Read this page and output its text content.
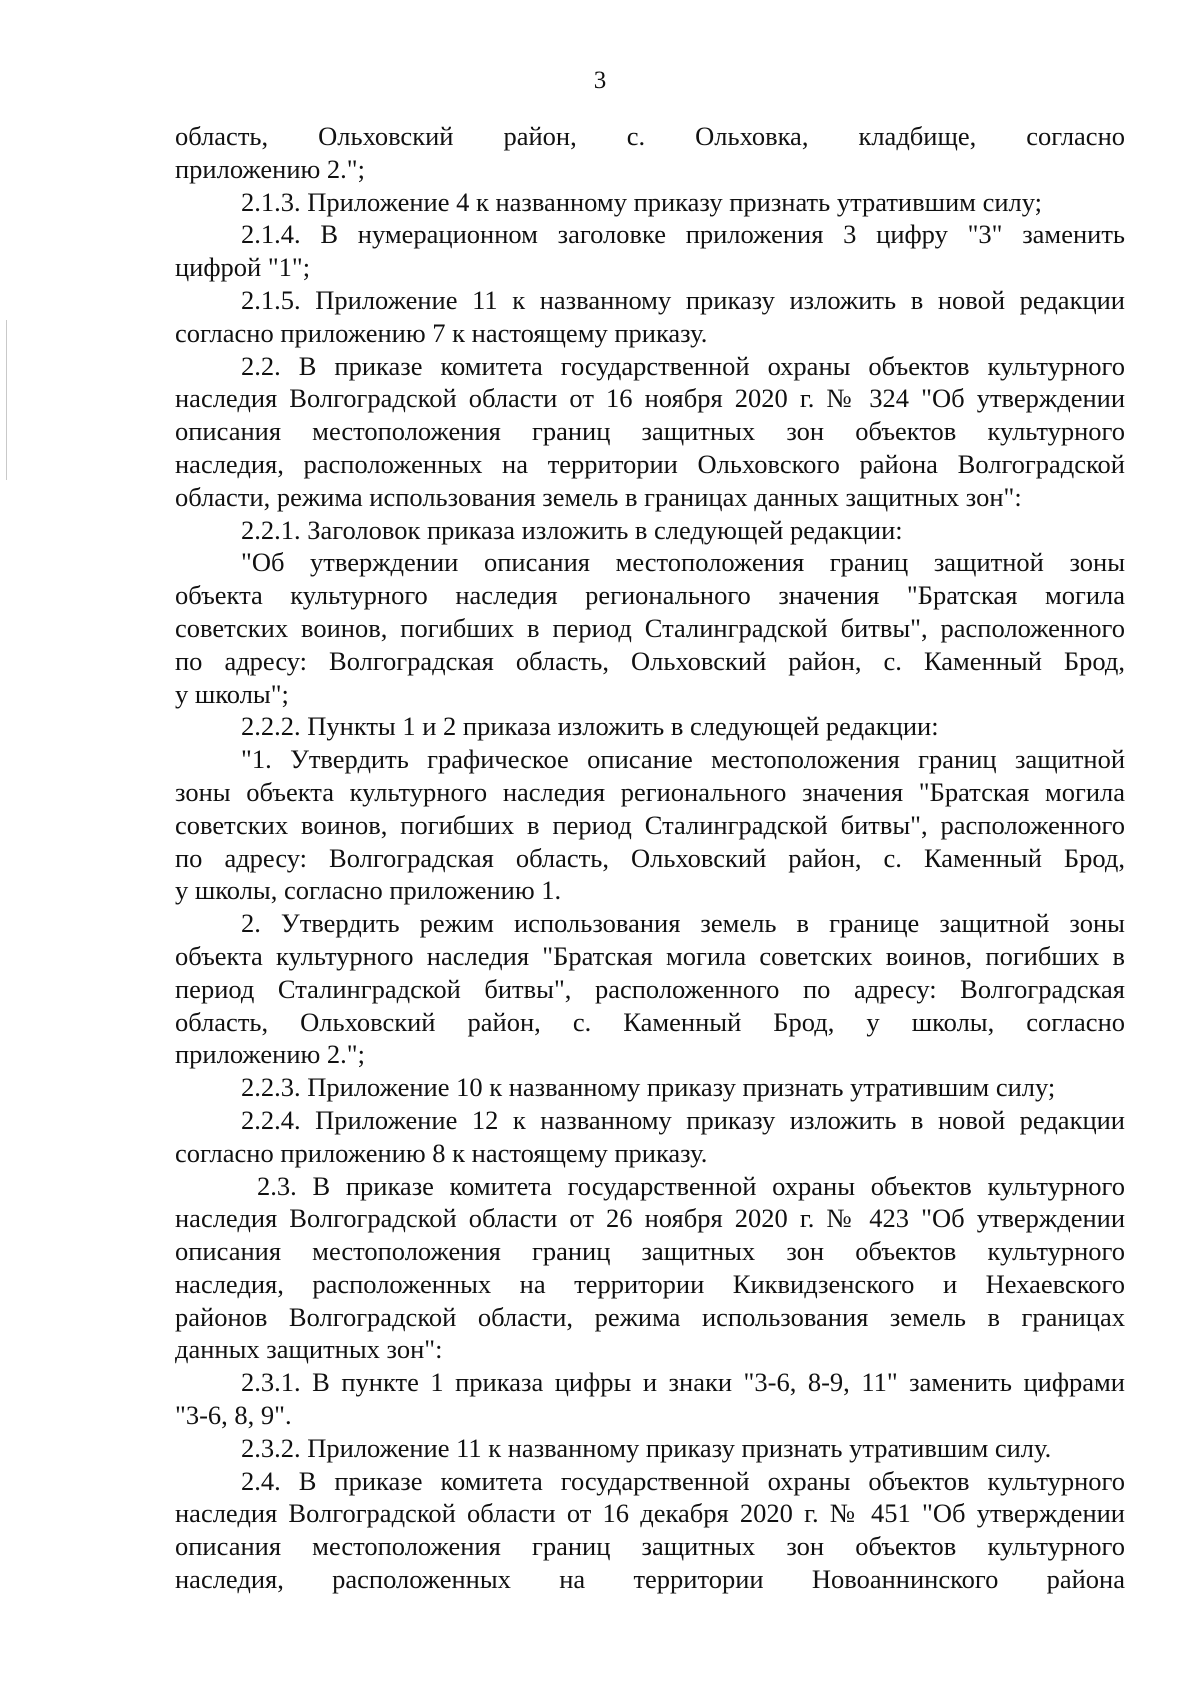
3
область, Ольховский район, с. Ольховка, кладбище, согласно
приложению 2.";
2.1.3. Приложение 4 к названному приказу признать утратившим силу;
2.1.4. В нумерационном заголовке приложения 3 цифру "3" заменить
цифрой "1";
2.1.5. Приложение 11 к названному приказу изложить в новой редакции
согласно приложению 7 к настоящему приказу.
2.2. В приказе комитета государственной охраны объектов культурного
наследия Волгоградской области от 16 ноября 2020 г. № 324 "Об утверждении
описания местоположения границ защитных зон объектов культурного
наследия, расположенных на территории Ольховского района Волгоградской
области, режима использования земель в границах данных защитных зон":
2.2.1. Заголовок приказа изложить в следующей редакции:
"Об утверждении описания местоположения границ защитной зоны
объекта культурного наследия регионального значения "Братская могила
советских воинов, погибших в период Сталинградской битвы", расположенного
по адресу: Волгоградская область, Ольховский район, с. Каменный Брод,
у школы";
2.2.2. Пункты 1 и 2 приказа изложить в следующей редакции:
"1. Утвердить графическое описание местоположения границ защитной
зоны объекта культурного наследия регионального значения "Братская могила
советских воинов, погибших в период Сталинградской битвы", расположенного
по адресу: Волгоградская область, Ольховский район, с. Каменный Брод,
у школы, согласно приложению 1.
2. Утвердить режим использования земель в границе защитной зоны
объекта культурного наследия "Братская могила советских воинов, погибших в
период Сталинградской битвы", расположенного по адресу: Волгоградская
область, Ольховский район, с. Каменный Брод, у школы, согласно
приложению 2.";
2.2.3. Приложение 10 к названному приказу признать утратившим силу;
2.2.4. Приложение 12 к названному приказу изложить в новой редакции
согласно приложению 8 к настоящему приказу.
2.3. В приказе комитета государственной охраны объектов культурного
наследия Волгоградской области от 26 ноября 2020 г. № 423 "Об утверждении
описания местоположения границ защитных зон объектов культурного
наследия, расположенных на территории Киквидзенского и Нехаевского
районов Волгоградской области, режима использования земель в границах
данных защитных зон":
2.3.1. В пункте 1 приказа цифры и знаки "3-6, 8-9, 11" заменить цифрами
"3-6, 8, 9".
2.3.2. Приложение 11 к названному приказу признать утратившим силу.
2.4. В приказе комитета государственной охраны объектов культурного
наследия Волгоградской области от 16 декабря 2020 г. № 451 "Об утверждении
описания местоположения границ защитных зон объектов культурного
наследия, расположенных на территории Новоаннинского района
